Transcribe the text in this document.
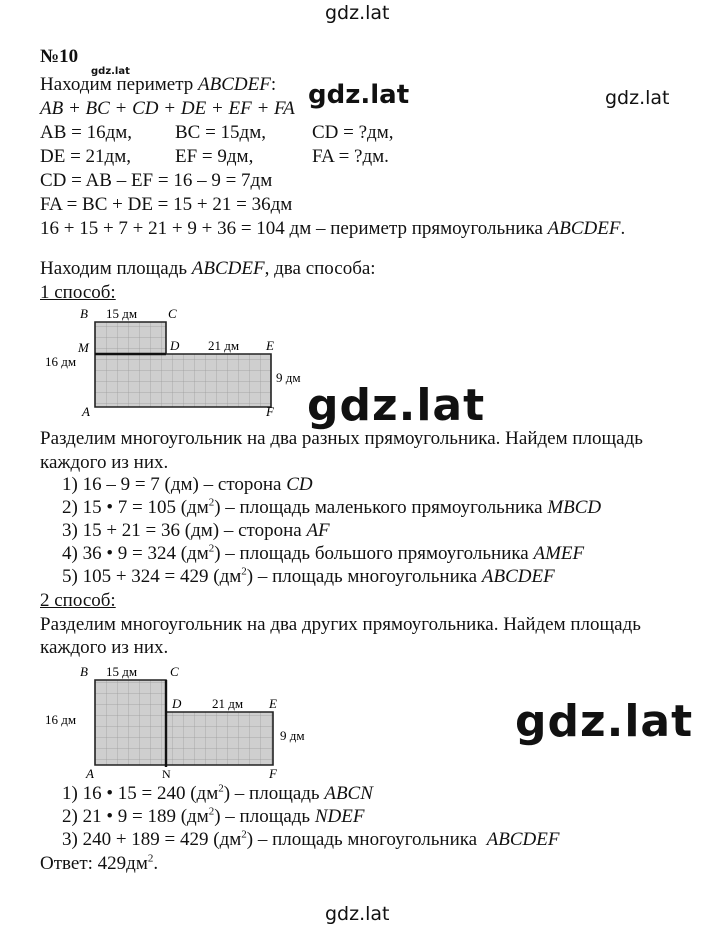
gdz.lat
gdz.lat
gdz.lat	gdz.lat
gdz.lat
gdz.lat
gdz.lat
№10
Находим периметр ABCDEF:
AB + BC + CD + DE + EF + FA
AB = 16дм, BC = 15дм, CD = ?дм,
DE = 21дм, EF = 9дм,	FA = ?дм.
CD = AB – EF = 16 – 9 = 7дм
FA = BC + DE = 15 + 21 = 36дм
16 + 15 + 7 + 21 + 9 + 36 = 104 дм – периметр прямоугольника ABCDEF.
Находим площадь ABCDEF, два способа:
1 способ:
B	C
M	D	E
A	F
15 дм
16 дм
21 дм
9 дм
Разделим многоугольник на два разных прямоугольника. Найдем площадь
каждого из них.
1) 16 – 9 = 7 (дм) – сторона CD
2) 15 • 7 = 105 $(дм^2)$ – площадь маленького прямоугольника MBCD
3) 15 + 21 = 36 (дм) – сторона AF
4) 36 • 9 = 324 $(дм^2)$ – площадь большого прямоугольника AMEF
5) 105 + 324 = 429 $(дм^2)$ – площадь многоугольника ABCDEF
2 способ:
Разделим многоугольник на два других прямоугольника. Найдем площадь
каждого из них.
B	C
D	E
A	N	F
15 дм
16 дм
21 дм
9 дм
1) 16 • 15 = 240 $(дм^2)$ – площадь ABCN
2) 21 • 9 = 189 $(дм^2)$ – площадь NDEF
3) 240 + 189 = 429 $(дм^2)$ – площадь многоугольника  ABCDEF
Ответ: $429дм^2$.
